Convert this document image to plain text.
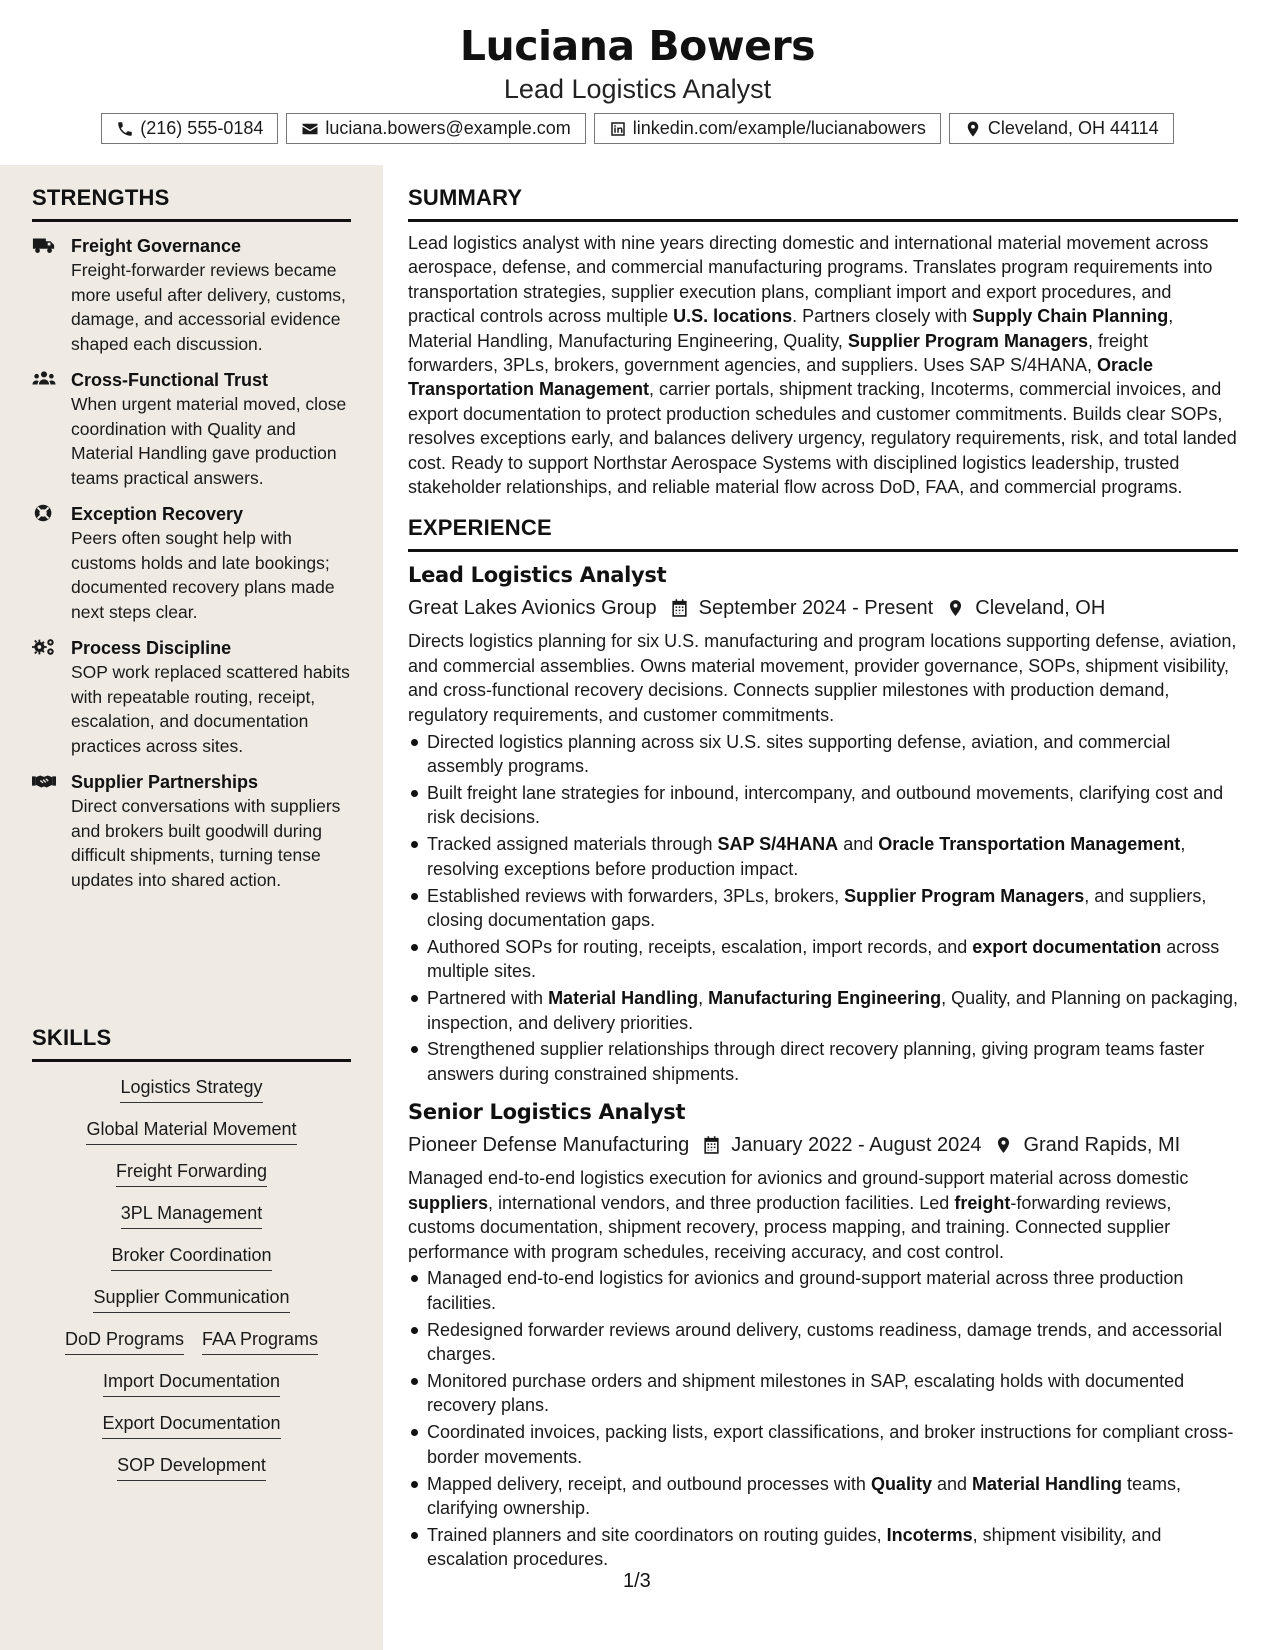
Luciana Bowers
Lead Logistics Analyst
(216) 555-0184	luciana.bowers@example.com	linkedin.com/example/lucianabowers	Cleveland, OH 44114
STRENGTHS
Freight Governance
Freight-forwarder reviews became more useful after delivery, customs, damage, and accessorial evidence shaped each discussion.
Cross-Functional Trust
When urgent material moved, close coordination with Quality and Material Handling gave production teams practical answers.
Exception Recovery
Peers often sought help with customs holds and late bookings; documented recovery plans made next steps clear.
Process Discipline
SOP work replaced scattered habits with repeatable routing, receipt, escalation, and documentation practices across sites.
Supplier Partnerships
Direct conversations with suppliers and brokers built goodwill during difficult shipments, turning tense updates into shared action.
SKILLS
Logistics Strategy
Global Material Movement
Freight Forwarding
3PL Management
Broker Coordination
Supplier Communication
DoD Programs FAA Programs
Import Documentation
Export Documentation
SOP Development
SUMMARY
Lead logistics analyst with nine years directing domestic and international material movement across aerospace, defense, and commercial manufacturing programs. Translates program requirements into transportation strategies, supplier execution plans, compliant import and export procedures, and practical controls across multiple U.S. locations. Partners closely with Supply Chain Planning, Material Handling, Manufacturing Engineering, Quality, Supplier Program Managers, freight forwarders, 3PLs, brokers, government agencies, and suppliers. Uses SAP S/4HANA, Oracle Transportation Management, carrier portals, shipment tracking, Incoterms, commercial invoices, and export documentation to protect production schedules and customer commitments. Builds clear SOPs, resolves exceptions early, and balances delivery urgency, regulatory requirements, risk, and total landed cost. Ready to support Northstar Aerospace Systems with disciplined logistics leadership, trusted stakeholder relationships, and reliable material flow across DoD, FAA, and commercial programs.
EXPERIENCE
Lead Logistics Analyst
Great Lakes Avionics Group September 2024 - Present Cleveland, OH
Directs logistics planning for six U.S. manufacturing and program locations supporting defense, aviation, and commercial assemblies. Owns material movement, provider governance, SOPs, shipment visibility, and cross-functional recovery decisions. Connects supplier milestones with production demand, regulatory requirements, and customer commitments.
Directed logistics planning across six U.S. sites supporting defense, aviation, and commercial assembly programs.
Built freight lane strategies for inbound, intercompany, and outbound movements, clarifying cost and risk decisions.
Tracked assigned materials through SAP S/4HANA and Oracle Transportation Management, resolving exceptions before production impact.
Established reviews with forwarders, 3PLs, brokers, Supplier Program Managers, and suppliers, closing documentation gaps.
Authored SOPs for routing, receipts, escalation, import records, and export documentation across multiple sites.
Partnered with Material Handling, Manufacturing Engineering, Quality, and Planning on packaging, inspection, and delivery priorities.
Strengthened supplier relationships through direct recovery planning, giving program teams faster answers during constrained shipments.
Senior Logistics Analyst
Pioneer Defense Manufacturing January 2022 - August 2024 Grand Rapids, MI
Managed end-to-end logistics execution for avionics and ground-support material across domestic suppliers, international vendors, and three production facilities. Led freight-forwarding reviews, customs documentation, shipment recovery, process mapping, and training. Connected supplier performance with program schedules, receiving accuracy, and cost control.
Managed end-to-end logistics for avionics and ground-support material across three production facilities.
Redesigned forwarder reviews around delivery, customs readiness, damage trends, and accessorial charges.
Monitored purchase orders and shipment milestones in SAP, escalating holds with documented recovery plans.
Coordinated invoices, packing lists, export classifications, and broker instructions for compliant cross-border movements.
Mapped delivery, receipt, and outbound processes with Quality and Material Handling teams, clarifying ownership.
Trained planners and site coordinators on routing guides, Incoterms, shipment visibility, and escalation procedures.
1/3
